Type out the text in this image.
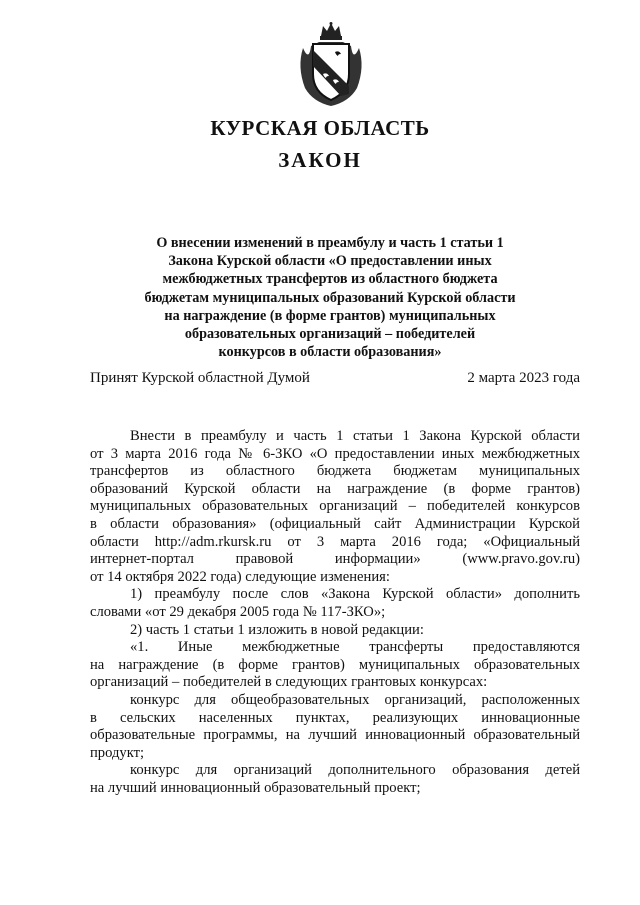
КУРСКАЯ ОБЛАСТЬ
ЗАКОН
О внесении изменений в преамбулу и часть 1 статьи 1
Закона Курской области «О предоставлении иных
межбюджетных трансфертов из областного бюджета
бюджетам муниципальных образований Курской области
на награждение (в форме грантов) муниципальных
образовательных организаций – победителей
конкурсов в области образования»
Принят Курской областной Думой	2 марта 2023 года
Внести в преамбулу и часть 1 статьи 1 Закона Курской области
от 3 марта 2016 года № 6-ЗКО «О предоставлении иных межбюджетных
трансфертов из областного бюджета бюджетам муниципальных
образований Курской области на награждение (в форме грантов)
муниципальных образовательных организаций – победителей конкурсов
в области образования» (официальный сайт Администрации Курской
области http://adm.rkursk.ru от 3 марта 2016 года; «Официальный
интернет-портал правовой информации» (www.pravo.gov.ru)
от 14 октября 2022 года) следующие изменения:
1) преамбулу после слов «Закона Курской области» дополнить
словами «от 29 декабря 2005 года № 117-ЗКО»;
2) часть 1 статьи 1 изложить в новой редакции:
«1. Иные межбюджетные трансферты предоставляются
на награждение (в форме грантов) муниципальных образовательных
организаций – победителей в следующих грантовых конкурсах:
конкурс для общеобразовательных организаций, расположенных
в сельских населенных пунктах, реализующих инновационные
образовательные программы, на лучший инновационный образовательный
продукт;
конкурс для организаций дополнительного образования детей
на лучший инновационный образовательный проект;
